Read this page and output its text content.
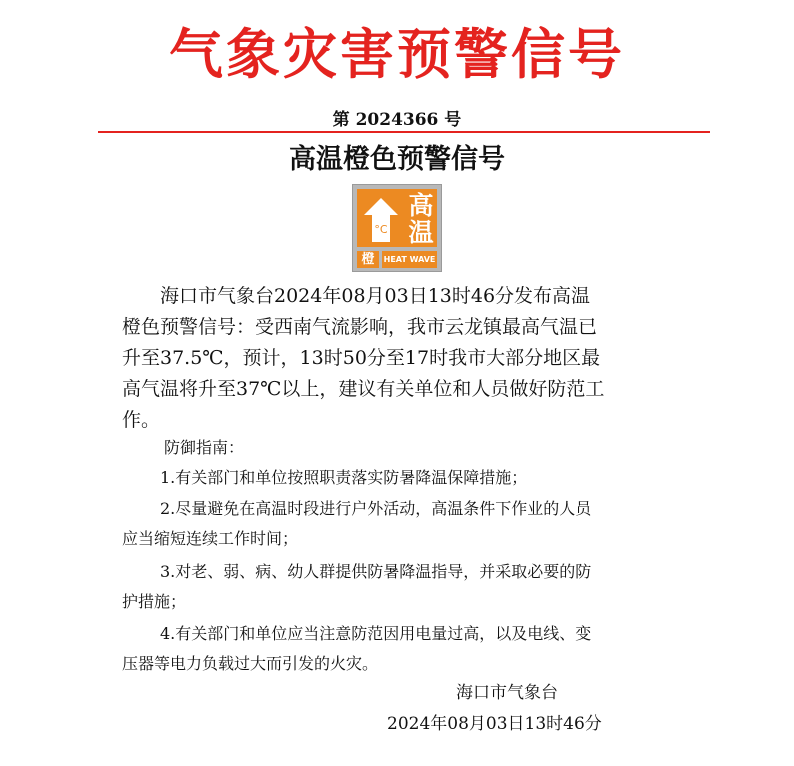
气象灾害预警信号
第 2024366 号
高温橙色预警信号
°C
高
温
橙	HEAT WAVE

海口市气象台2024年08月03日13时46分发布高温
橙色预警信号：受西南气流影响，我市云龙镇最高气温已
升至37.5℃，预计，13时50分至17时我市大部分地区最
高气温将升至37℃以上，建议有关单位和人员做好防范工
作。

防御指南：

1.有关部门和单位按照职责落实防暑降温保障措施；

2.尽量避免在高温时段进行户外活动，高温条件下作业的人员
应当缩短连续工作时间；

3.对老、弱、病、幼人群提供防暑降温指导，并采取必要的防
护措施；

4.有关部门和单位应当注意防范因用电量过高，以及电线、变
压器等电力负载过大而引发的火灾。

海口市气象台
2024年08月03日13时46分
